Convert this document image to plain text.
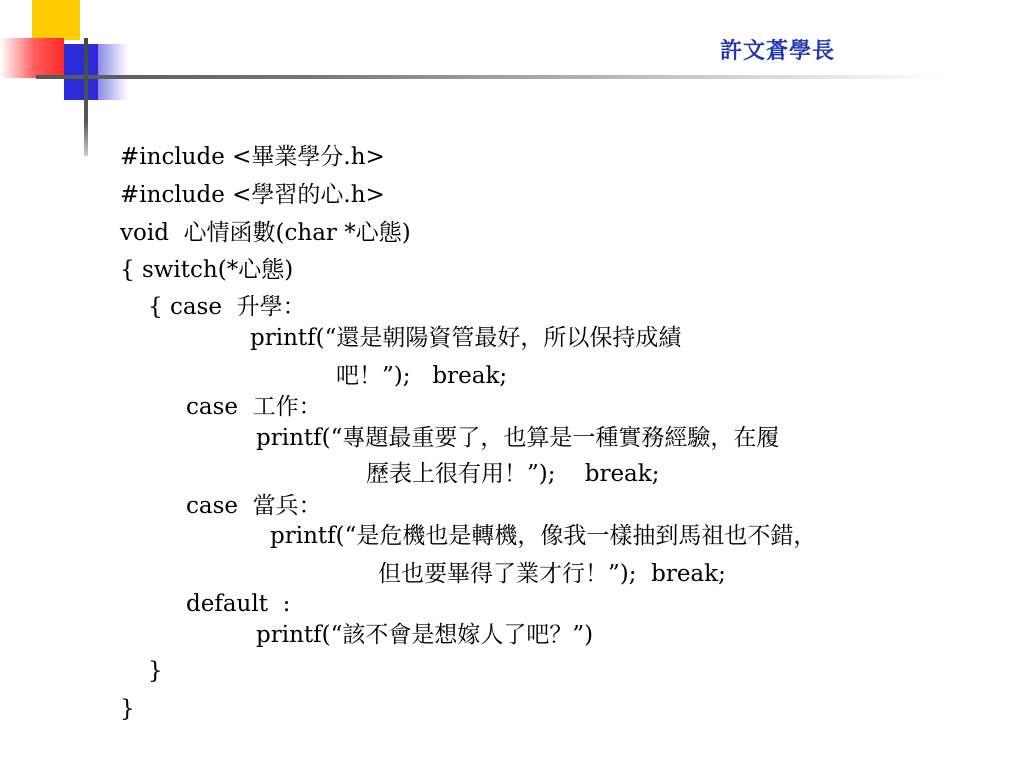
許文蒼學長
#include <畢業學分.h>
#include <學習的心.h>
void  心情函數(char *心態)
{ switch(*心態)
{ case  升學：
printf(“還是朝陽資管最好，所以保持成績
吧！”);   break;
case  工作：
printf(“專題最重要了，也算是一種實務經驗，在履
歷表上很有用！”);    break;
case  當兵：
printf(“是危機也是轉機，像我一樣抽到馬祖也不錯，
但也要畢得了業才行！”);  break;
default  :
printf(“該不會是想嫁人了吧？”)
}
}
